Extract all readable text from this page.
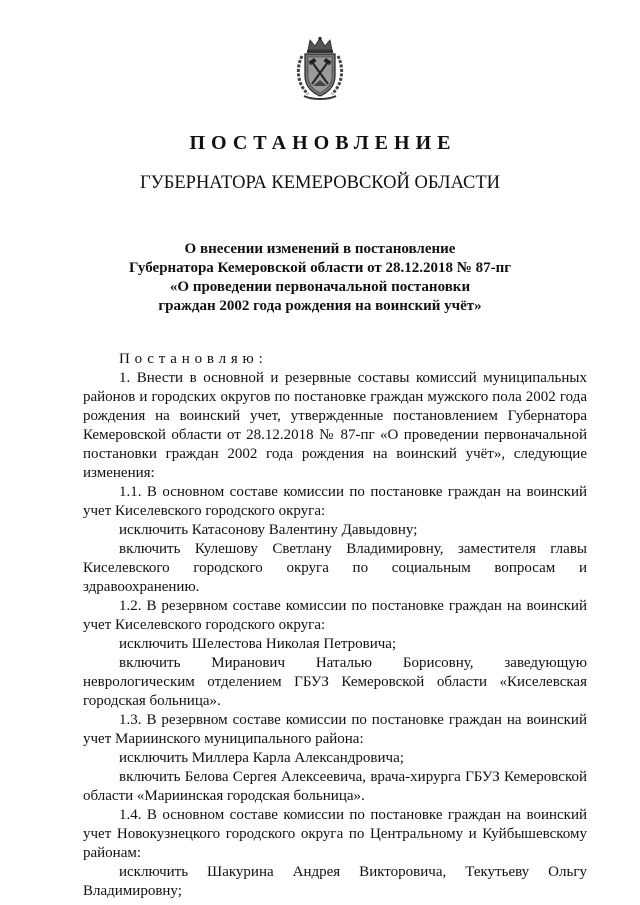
ПОСТАНОВЛЕНИЕ
ГУБЕРНАТОРА КЕМЕРОВСКОЙ ОБЛАСТИ
О внесении изменений в постановление
Губернатора Кемеровской области от 28.12.2018 № 87-пг
«О проведении первоначальной постановки
граждан 2002 года рождения на воинский учёт»

Постановляю:

1. Внести в основной и резервные составы комиссий муниципальных районов и городских округов по постановке граждан мужского пола 2002 года рождения на воинский учет, утвержденные постановлением Губернатора Кемеровской области от 28.12.2018 № 87-пг «О проведении первоначальной постановки граждан 2002 года рождения на воинский учёт», следующие изменения:

1.1. В основном составе комиссии по постановке граждан на воинский учет Киселевского городского округа:

исключить Катасонову Валентину Давыдовну;

включить Кулешову Светлану Владимировну, заместителя главы Киселевского городского округа по социальным вопросам и здравоохранению.

1.2. В резервном составе комиссии по постановке граждан на воинский учет Киселевского городского округа:

исключить Шелестова Николая Петровича;

включить Миранович Наталью Борисовну, заведующую неврологическим отделением ГБУЗ Кемеровской области «Киселевская городская больница».

1.3. В резервном составе комиссии по постановке граждан на воинский учет Мариинского муниципального района:

исключить Миллера Карла Александровича;

включить Белова Сергея Алексеевича, врача-хирурга ГБУЗ Кемеровской области «Мариинская городская больница».

1.4. В основном составе комиссии по постановке граждан на воинский учет Новокузнецкого городского округа по Центральному и Куйбышевскому районам:

исключить Шакурина Андрея Викторовича, Текутьеву Ольгу Владимировну;
